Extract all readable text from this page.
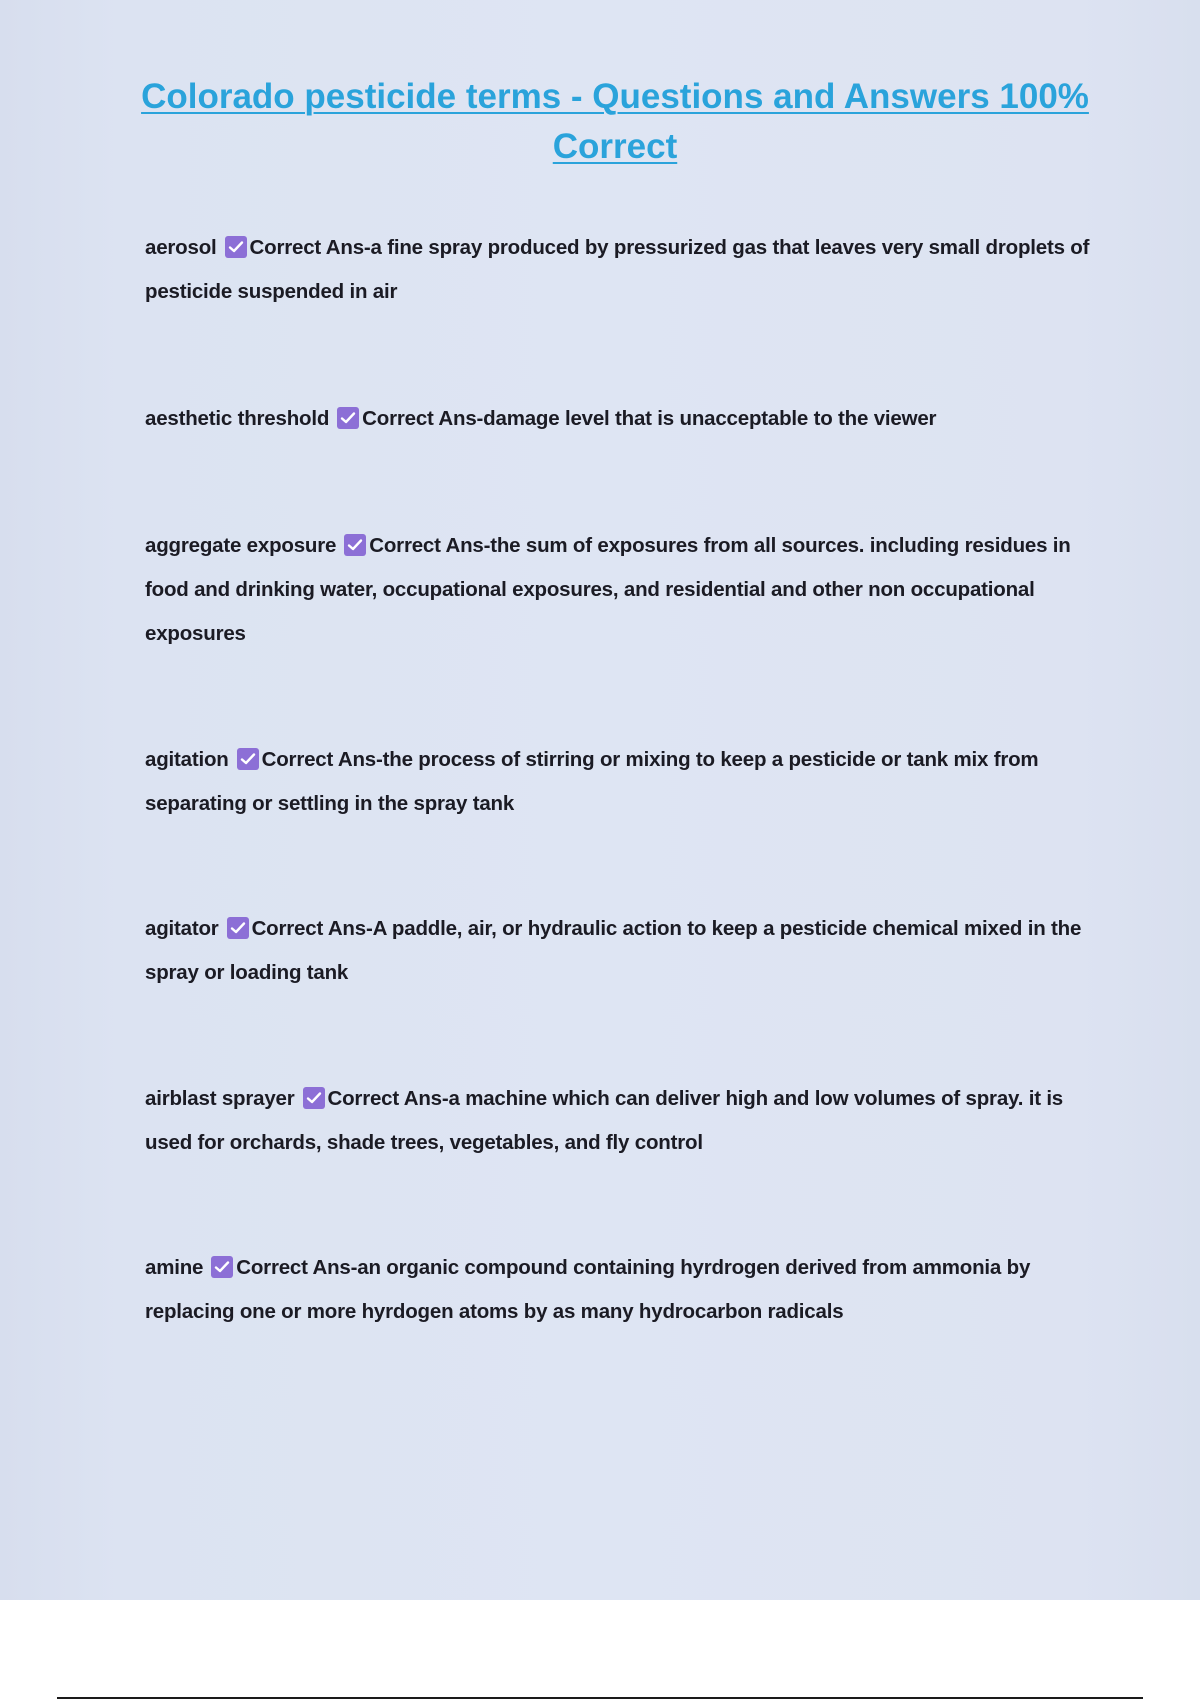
Colorado pesticide terms - Questions and Answers 100% Correct
aerosol Correct Ans-a fine spray produced by pressurized gas that leaves very small droplets of pesticide suspended in air
aesthetic threshold Correct Ans-damage level that is unacceptable to the viewer
aggregate exposure Correct Ans-the sum of exposures from all sources. including residues in food and drinking water, occupational exposures, and residential and other non occupational exposures
agitation Correct Ans-the process of stirring or mixing to keep a pesticide or tank mix from separating or settling in the spray tank
agitator Correct Ans-A paddle, air, or hydraulic action to keep a pesticide chemical mixed in the spray or loading tank
airblast sprayer Correct Ans-a machine which can deliver high and low volumes of spray. it is used for orchards, shade trees, vegetables, and fly control
amine Correct Ans-an organic compound containing hyrdrogen derived from ammonia by replacing one or more hyrdogen atoms by as many hydrocarbon radicals
